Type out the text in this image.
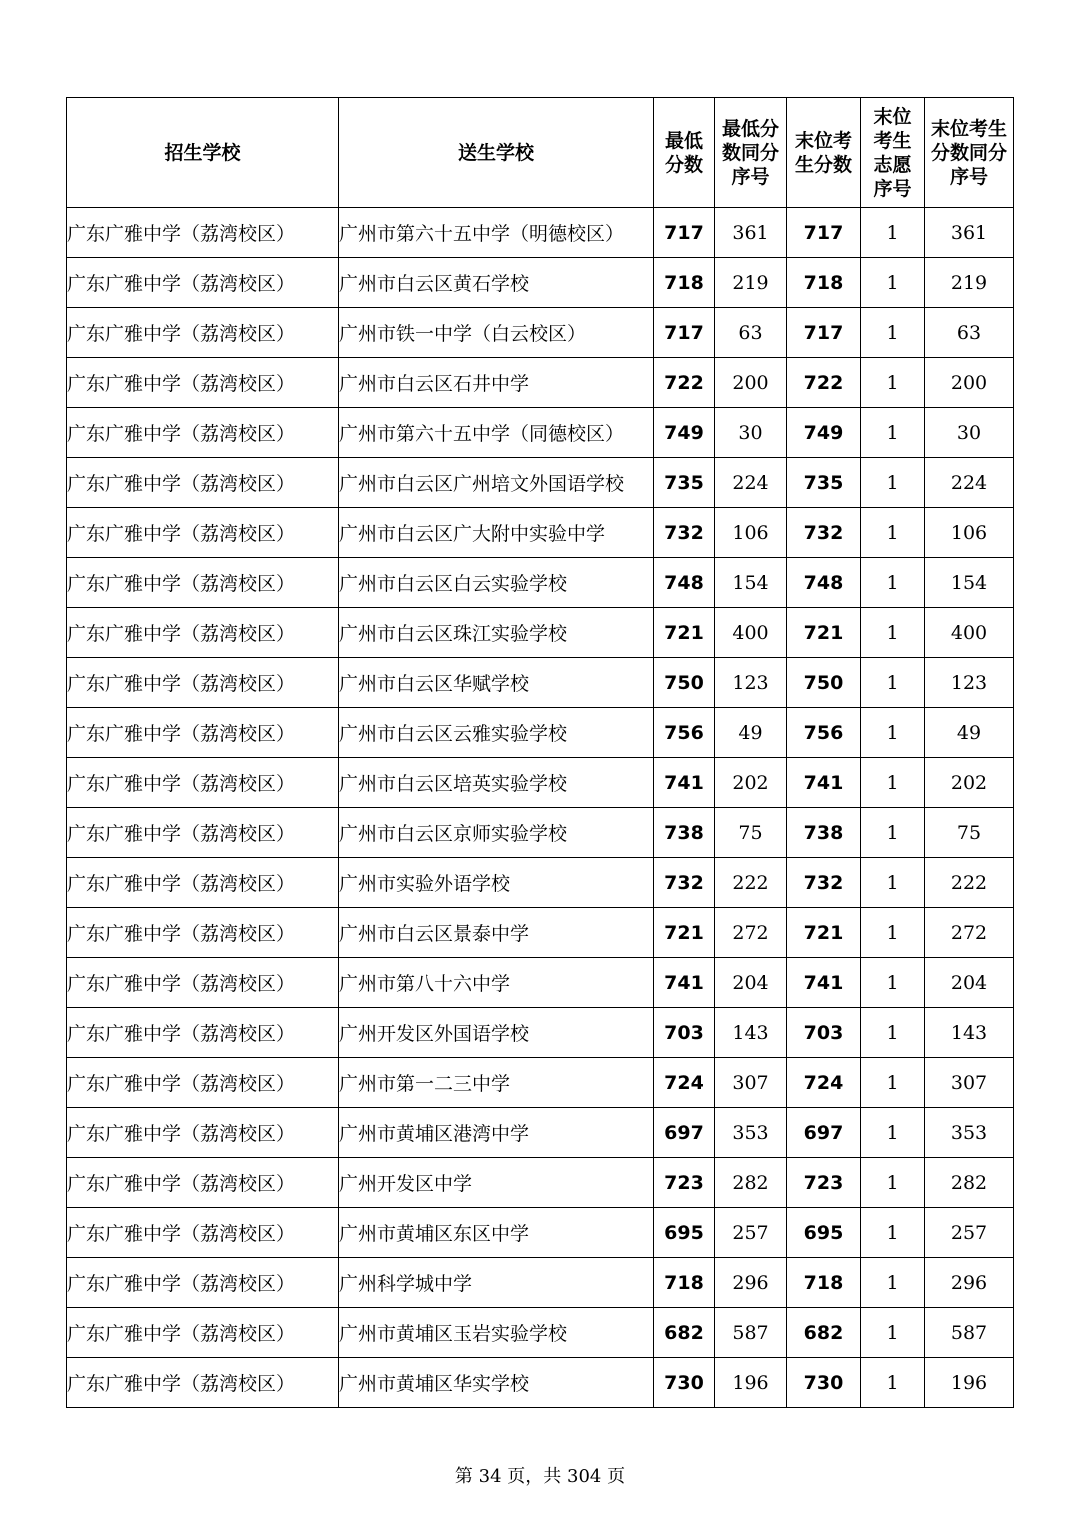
招生学校	送生学校	最低分数	最低分数同分序号	末位考生分数	末位考生志愿序号	末位考生分数同分序号

广东广雅中学（荔湾校区）	广州市第六十五中学（明德校区）	717	361	717	1	361
广东广雅中学（荔湾校区）	广州市白云区黄石学校	718	219	718	1	219
广东广雅中学（荔湾校区）	广州市铁一中学（白云校区）	717	63	717	1	63
广东广雅中学（荔湾校区）	广州市白云区石井中学	722	200	722	1	200
广东广雅中学（荔湾校区）	广州市第六十五中学（同德校区）	749	30	749	1	30
广东广雅中学（荔湾校区）	广州市白云区广州培文外国语学校	735	224	735	1	224
广东广雅中学（荔湾校区）	广州市白云区广大附中实验中学	732	106	732	1	106
广东广雅中学（荔湾校区）	广州市白云区白云实验学校	748	154	748	1	154
广东广雅中学（荔湾校区）	广州市白云区珠江实验学校	721	400	721	1	400
广东广雅中学（荔湾校区）	广州市白云区华赋学校	750	123	750	1	123
广东广雅中学（荔湾校区）	广州市白云区云雅实验学校	756	49	756	1	49
广东广雅中学（荔湾校区）	广州市白云区培英实验学校	741	202	741	1	202
广东广雅中学（荔湾校区）	广州市白云区京师实验学校	738	75	738	1	75
广东广雅中学（荔湾校区）	广州市实验外语学校	732	222	732	1	222
广东广雅中学（荔湾校区）	广州市白云区景泰中学	721	272	721	1	272
广东广雅中学（荔湾校区）	广州市第八十六中学	741	204	741	1	204
广东广雅中学（荔湾校区）	广州开发区外国语学校	703	143	703	1	143
广东广雅中学（荔湾校区）	广州市第一二三中学	724	307	724	1	307
广东广雅中学（荔湾校区）	广州市黄埔区港湾中学	697	353	697	1	353
广东广雅中学（荔湾校区）	广州开发区中学	723	282	723	1	282
广东广雅中学（荔湾校区）	广州市黄埔区东区中学	695	257	695	1	257
广东广雅中学（荔湾校区）	广州科学城中学	718	296	718	1	296
广东广雅中学（荔湾校区）	广州市黄埔区玉岩实验学校	682	587	682	1	587
广东广雅中学（荔湾校区）	广州市黄埔区华实学校	730	196	730	1	196
第 34 页，共 304 页
